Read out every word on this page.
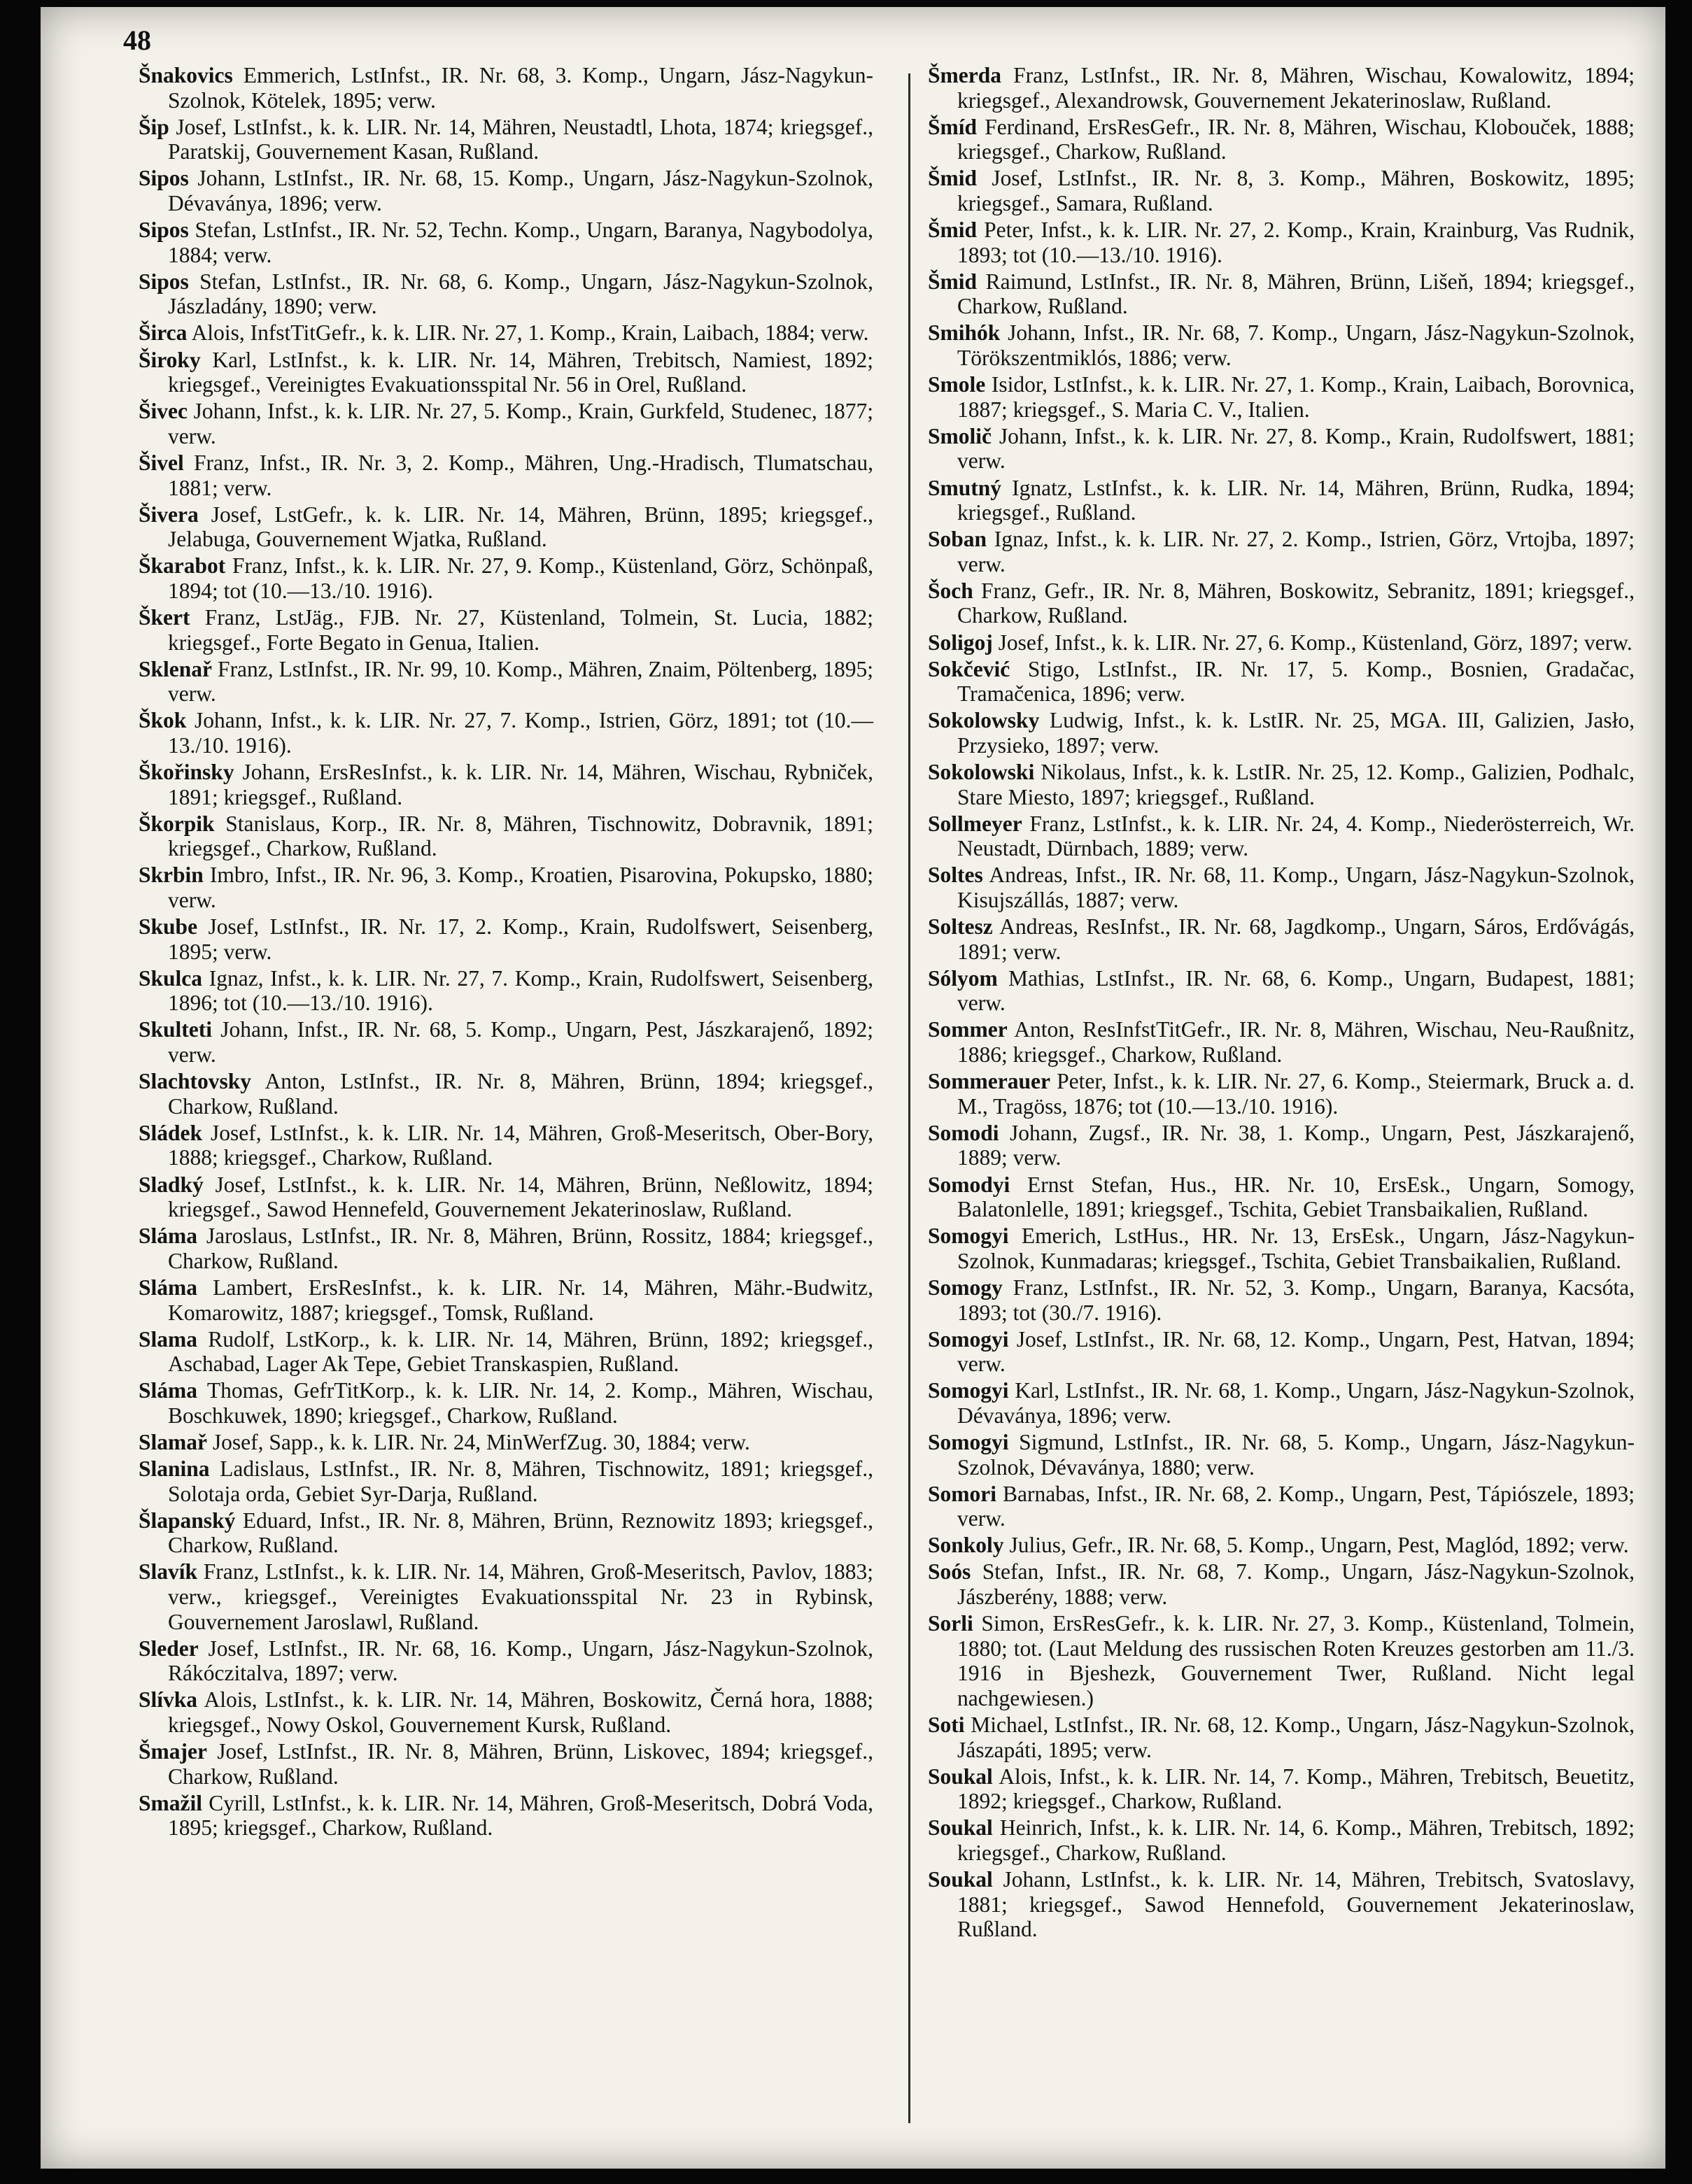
48

Šnakovics Emmerich, LstInfst., IR. Nr. 68, 3. Komp., Ungarn, Jász-Nagykun-Szolnok, Kötelek, 1895; verw.

Šip Josef, LstInfst., k. k. LIR. Nr. 14, Mähren, Neustadtl, Lhota, 1874; kriegsgef., Paratskij, Gouvernement Kasan, Rußland.

Sipos Johann, LstInfst., IR. Nr. 68, 15. Komp., Ungarn, Jász-Nagykun-Szolnok, Dévaványa, 1896; verw.

Sipos Stefan, LstInfst., IR. Nr. 52, Techn. Komp., Ungarn, Baranya, Nagybodolya, 1884; verw.

Sipos Stefan, LstInfst., IR. Nr. 68, 6. Komp., Ungarn, Jász-Nagykun-Szolnok, Jászladány, 1890; verw.

Širca Alois, InfstTitGefr., k. k. LIR. Nr. 27, 1. Komp., Krain, Laibach, 1884; verw.

Široky Karl, LstInfst., k. k. LIR. Nr. 14, Mähren, Trebitsch, Namiest, 1892; kriegsgef., Vereinigtes Evakuationsspital Nr. 56 in Orel, Rußland.

Šivec Johann, Infst., k. k. LIR. Nr. 27, 5. Komp., Krain, Gurkfeld, Studenec, 1877; verw.

Šivel Franz, Infst., IR. Nr. 3, 2. Komp., Mähren, Ung.-Hradisch, Tlumatschau, 1881; verw.

Šivera Josef, LstGefr., k. k. LIR. Nr. 14, Mähren, Brünn, 1895; kriegsgef., Jelabuga, Gouvernement Wjatka, Rußland.

Škarabot Franz, Infst., k. k. LIR. Nr. 27, 9. Komp., Küstenland, Görz, Schönpaß, 1894; tot (10.—13./10. 1916).

Škert Franz, LstJäg., FJB. Nr. 27, Küstenland, Tolmein, St. Lucia, 1882; kriegsgef., Forte Begato in Genua, Italien.

Sklenař Franz, LstInfst., IR. Nr. 99, 10. Komp., Mähren, Znaim, Pöltenberg, 1895; verw.

Škok Johann, Infst., k. k. LIR. Nr. 27, 7. Komp., Istrien, Görz, 1891; tot (10.—13./10. 1916).

Škořinsky Johann, ErsResInfst., k. k. LIR. Nr. 14, Mähren, Wischau, Rybniček, 1891; kriegsgef., Rußland.

Škorpik Stanislaus, Korp., IR. Nr. 8, Mähren, Tischnowitz, Dobravnik, 1891; kriegsgef., Charkow, Rußland.

Skrbin Imbro, Infst., IR. Nr. 96, 3. Komp., Kroatien, Pisarovina, Pokupsko, 1880; verw.

Skube Josef, LstInfst., IR. Nr. 17, 2. Komp., Krain, Rudolfswert, Seisenberg, 1895; verw.

Skulca Ignaz, Infst., k. k. LIR. Nr. 27, 7. Komp., Krain, Rudolfswert, Seisenberg, 1896; tot (10.—13./10. 1916).

Skulteti Johann, Infst., IR. Nr. 68, 5. Komp., Ungarn, Pest, Jászkarajenő, 1892; verw.

Slachtovsky Anton, LstInfst., IR. Nr. 8, Mähren, Brünn, 1894; kriegsgef., Charkow, Rußland.

Sládek Josef, LstInfst., k. k. LIR. Nr. 14, Mähren, Groß-Meseritsch, Ober-Bory, 1888; kriegsgef., Charkow, Rußland.

Sladký Josef, LstInfst., k. k. LIR. Nr. 14, Mähren, Brünn, Neßlowitz, 1894; kriegsgef., Sawod Hennefeld, Gouvernement Jekaterinoslaw, Rußland.

Sláma Jaroslaus, LstInfst., IR. Nr. 8, Mähren, Brünn, Rossitz, 1884; kriegsgef., Charkow, Rußland.

Sláma Lambert, ErsResInfst., k. k. LIR. Nr. 14, Mähren, Mähr.-Budwitz, Komarowitz, 1887; kriegsgef., Tomsk, Rußland.

Slama Rudolf, LstKorp., k. k. LIR. Nr. 14, Mähren, Brünn, 1892; kriegsgef., Aschabad, Lager Ak Tepe, Gebiet Transkaspien, Rußland.

Sláma Thomas, GefrTitKorp., k. k. LIR. Nr. 14, 2. Komp., Mähren, Wischau, Boschkuwek, 1890; kriegsgef., Charkow, Rußland.

Slamař Josef, Sapp., k. k. LIR. Nr. 24, MinWerfZug. 30, 1884; verw.

Slanina Ladislaus, LstInfst., IR. Nr. 8, Mähren, Tischnowitz, 1891; kriegsgef., Solotaja orda, Gebiet Syr-Darja, Rußland.

Šlapanský Eduard, Infst., IR. Nr. 8, Mähren, Brünn, Reznowitz 1893; kriegsgef., Charkow, Rußland.

Slavík Franz, LstInfst., k. k. LIR. Nr. 14, Mähren, Groß-Meseritsch, Pavlov, 1883; verw., kriegsgef., Vereinigtes Evakuationsspital Nr. 23 in Rybinsk, Gouvernement Jaroslawl, Rußland.

Sleder Josef, LstInfst., IR. Nr. 68, 16. Komp., Ungarn, Jász-Nagykun-Szolnok, Rákóczitalva, 1897; verw.

Slívka Alois, LstInfst., k. k. LIR. Nr. 14, Mähren, Boskowitz, Černá hora, 1888; kriegsgef., Nowy Oskol, Gouvernement Kursk, Rußland.

Šmajer Josef, LstInfst., IR. Nr. 8, Mähren, Brünn, Liskovec, 1894; kriegsgef., Charkow, Rußland.

Smažil Cyrill, LstInfst., k. k. LIR. Nr. 14, Mähren, Groß-Meseritsch, Dobrá Voda, 1895; kriegsgef., Charkow, Rußland.

Šmerda Franz, LstInfst., IR. Nr. 8, Mähren, Wischau, Kowalowitz, 1894; kriegsgef., Alexandrowsk, Gouvernement Jekaterinoslaw, Rußland.

Šmíd Ferdinand, ErsResGefr., IR. Nr. 8, Mähren, Wischau, Klobouček, 1888; kriegsgef., Charkow, Rußland.

Šmid Josef, LstInfst., IR. Nr. 8, 3. Komp., Mähren, Boskowitz, 1895; kriegsgef., Samara, Rußland.

Šmid Peter, Infst., k. k. LIR. Nr. 27, 2. Komp., Krain, Krainburg, Vas Rudnik, 1893; tot (10.—13./10. 1916).

Šmid Raimund, LstInfst., IR. Nr. 8, Mähren, Brünn, Lišeň, 1894; kriegsgef., Charkow, Rußland.

Smihók Johann, Infst., IR. Nr. 68, 7. Komp., Ungarn, Jász-Nagykun-Szolnok, Törökszentmiklós, 1886; verw.

Smole Isidor, LstInfst., k. k. LIR. Nr. 27, 1. Komp., Krain, Laibach, Borovnica, 1887; kriegsgef., S. Maria C. V., Italien.

Smolič Johann, Infst., k. k. LIR. Nr. 27, 8. Komp., Krain, Rudolfswert, 1881; verw.

Smutný Ignatz, LstInfst., k. k. LIR. Nr. 14, Mähren, Brünn, Rudka, 1894; kriegsgef., Rußland.

Soban Ignaz, Infst., k. k. LIR. Nr. 27, 2. Komp., Istrien, Görz, Vrtojba, 1897; verw.

Šoch Franz, Gefr., IR. Nr. 8, Mähren, Boskowitz, Sebranitz, 1891; kriegsgef., Charkow, Rußland.

Soligoj Josef, Infst., k. k. LIR. Nr. 27, 6. Komp., Küstenland, Görz, 1897; verw.

Sokčević Stigo, LstInfst., IR. Nr. 17, 5. Komp., Bosnien, Gradačac, Tramačenica, 1896; verw.

Sokolowsky Ludwig, Infst., k. k. LstIR. Nr. 25, MGA. III, Galizien, Jasło, Przysieko, 1897; verw.

Sokolowski Nikolaus, Infst., k. k. LstIR. Nr. 25, 12. Komp., Galizien, Podhalc, Stare Miesto, 1897; kriegsgef., Rußland.

Sollmeyer Franz, LstInfst., k. k. LIR. Nr. 24, 4. Komp., Niederösterreich, Wr. Neustadt, Dürnbach, 1889; verw.

Soltes Andreas, Infst., IR. Nr. 68, 11. Komp., Ungarn, Jász-Nagykun-Szolnok, Kisujszállás, 1887; verw.

Soltesz Andreas, ResInfst., IR. Nr. 68, Jagdkomp., Ungarn, Sáros, Erdővágás, 1891; verw.

Sólyom Mathias, LstInfst., IR. Nr. 68, 6. Komp., Ungarn, Budapest, 1881; verw.

Sommer Anton, ResInfstTitGefr., IR. Nr. 8, Mähren, Wischau, Neu-Raußnitz, 1886; kriegsgef., Charkow, Rußland.

Sommerauer Peter, Infst., k. k. LIR. Nr. 27, 6. Komp., Steiermark, Bruck a. d. M., Tragöss, 1876; tot (10.—13./10. 1916).

Somodi Johann, Zugsf., IR. Nr. 38, 1. Komp., Ungarn, Pest, Jászkarajenő, 1889; verw.

Somodyi Ernst Stefan, Hus., HR. Nr. 10, ErsEsk., Ungarn, Somogy, Balatonlelle, 1891; kriegsgef., Tschita, Gebiet Transbaikalien, Rußland.

Somogyi Emerich, LstHus., HR. Nr. 13, ErsEsk., Ungarn, Jász-Nagykun-Szolnok, Kunmadaras; kriegsgef., Tschita, Gebiet Transbaikalien, Rußland.

Somogy Franz, LstInfst., IR. Nr. 52, 3. Komp., Ungarn, Baranya, Kacsóta, 1893; tot (30./7. 1916).

Somogyi Josef, LstInfst., IR. Nr. 68, 12. Komp., Ungarn, Pest, Hatvan, 1894; verw.

Somogyi Karl, LstInfst., IR. Nr. 68, 1. Komp., Ungarn, Jász-Nagykun-Szolnok, Dévaványa, 1896; verw.

Somogyi Sigmund, LstInfst., IR. Nr. 68, 5. Komp., Ungarn, Jász-Nagykun-Szolnok, Dévaványa, 1880; verw.

Somori Barnabas, Infst., IR. Nr. 68, 2. Komp., Ungarn, Pest, Tápiószele, 1893; verw.

Sonkoly Julius, Gefr., IR. Nr. 68, 5. Komp., Ungarn, Pest, Maglód, 1892; verw.

Soós Stefan, Infst., IR. Nr. 68, 7. Komp., Ungarn, Jász-Nagykun-Szolnok, Jászberény, 1888; verw.

Sorli Simon, ErsResGefr., k. k. LIR. Nr. 27, 3. Komp., Küstenland, Tolmein, 1880; tot. (Laut Meldung des russischen Roten Kreuzes gestorben am 11./3. 1916 in Bjeshezk, Gouvernement Twer, Rußland. Nicht legal nachgewiesen.)

Soti Michael, LstInfst., IR. Nr. 68, 12. Komp., Ungarn, Jász-Nagykun-Szolnok, Jászapáti, 1895; verw.

Soukal Alois, Infst., k. k. LIR. Nr. 14, 7. Komp., Mähren, Trebitsch, Beuetitz, 1892; kriegsgef., Charkow, Rußland.

Soukal Heinrich, Infst., k. k. LIR. Nr. 14, 6. Komp., Mähren, Trebitsch, 1892; kriegsgef., Charkow, Rußland.

Soukal Johann, LstInfst., k. k. LIR. Nr. 14, Mähren, Trebitsch, Svatoslavy, 1881; kriegsgef., Sawod Hennefold, Gouvernement Jekaterinoslaw, Rußland.
